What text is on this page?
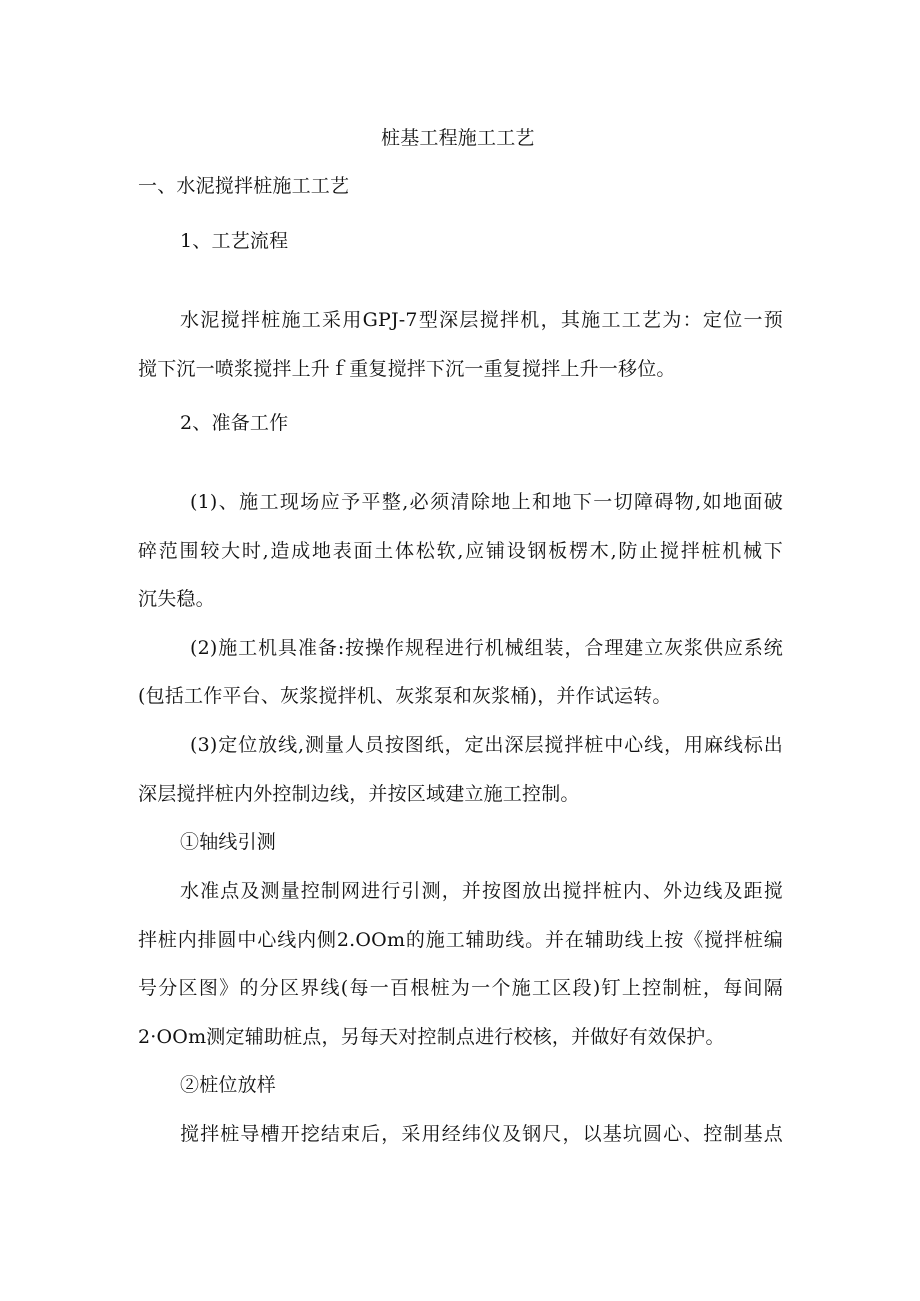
桩基工程施工工艺
一、水泥搅拌桩施工工艺
1、工艺流程
水泥搅拌桩施工采用GPJ-7型深层搅拌机，其施工工艺为：定位一预
搅下沉一喷浆搅拌上升ｆ重复搅拌下沉一重复搅拌上升一移位。
2、准备工作
(1)、施工现场应予平整,必须清除地上和地下一切障碍物,如地面破
碎范围较大时,造成地表面土体松软,应铺设钢板楞木,防止搅拌桩机械下
沉失稳。
(2)施工机具准备:按操作规程进行机械组装，合理建立灰浆供应系统
(包括工作平台、灰浆搅拌机、灰浆泵和灰浆桶)，并作试运转。
(3)定位放线,测量人员按图纸，定出深层搅拌桩中心线，用麻线标出
深层搅拌桩内外控制边线，并按区域建立施工控制。
①轴线引测
水准点及测量控制网进行引测，并按图放出搅拌桩内、外边线及距搅
拌桩内排圆中心线内侧2.OOm的施工辅助线。并在辅助线上按《搅拌桩编
号分区图》的分区界线(每一百根桩为一个施工区段)钉上控制桩，每间隔
2·OOm测定辅助桩点，另每天对控制点进行校核，并做好有效保护。
②桩位放样
搅拌桩导槽开挖结束后，采用经纬仪及钢尺，以基坑圆心、控制基点
